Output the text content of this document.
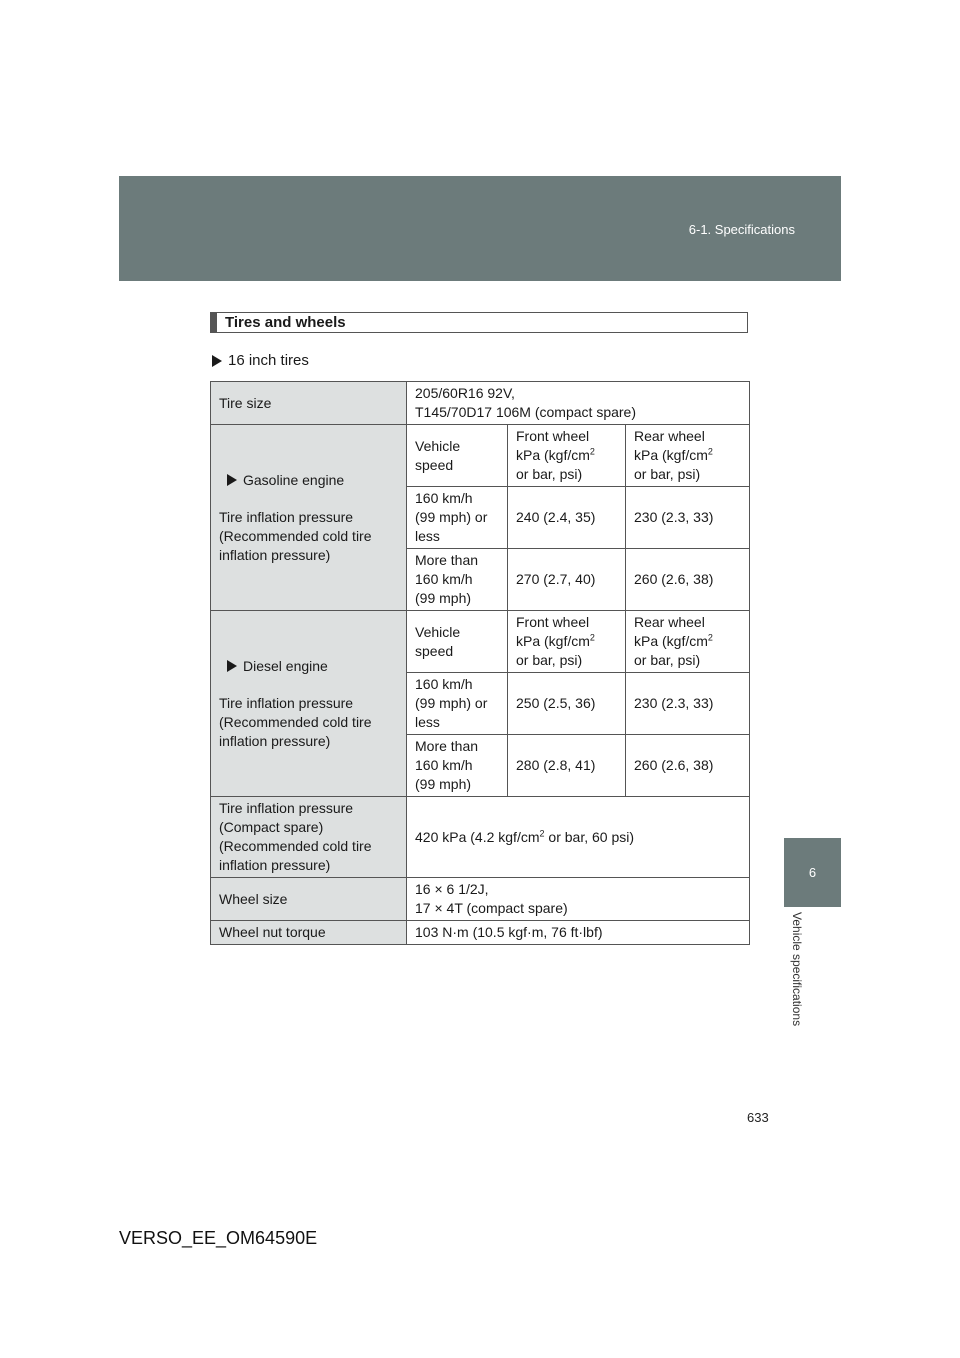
6-1. Specifications
6
Vehicle specifications
Tires and wheels
16 inch tires
Tire size	205/60R16 92V,
T145/70D17 106M (compact spare)		

Gasoline engine
Tire inflation pressure
(Recommended cold tire
inflation pressure)	Vehicle
speed	Front wheel
kPa ($kgf/cm^2$
or bar, psi)	Rear wheel
kPa ($kgf/cm^2$
or bar, psi)

	160 km/h
(99 mph) or
less	240 (2.4, 35)	230 (2.3, 33)

	More than
160 km/h
(99 mph)	270 (2.7, 40)	260 (2.6, 38)

Diesel engine
Tire inflation pressure
(Recommended cold tire
inflation pressure)	Vehicle
speed	Front wheel
kPa ($kgf/cm^2$
or bar, psi)	Rear wheel
kPa ($kgf/cm^2$
or bar, psi)

	160 km/h
(99 mph) or
less	250 (2.5, 36)	230 (2.3, 33)

	More than
160 km/h
(99 mph)	280 (2.8, 41)	260 (2.6, 38)

Tire inflation pressure
(Compact spare)
(Recommended cold tire
inflation pressure)	420 kPa (4.2 kgf/$cm^2$ or bar, 60 psi)		
Wheel size	16 × 6 1/2J,
17 × 4T (compact spare)		

Wheel nut torque	103 N·m (10.5 kgf·m, 76 ft·lbf)		
633
VERSO_EE_OM64590E
